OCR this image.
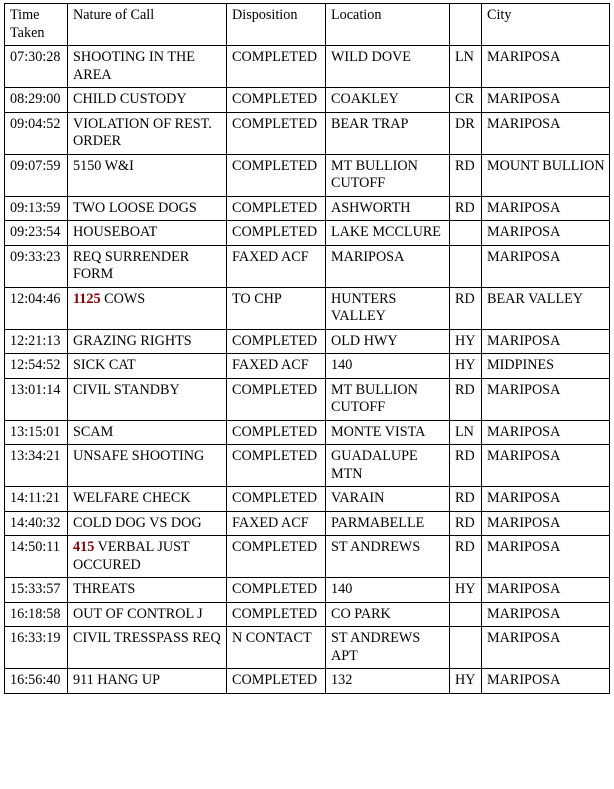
Time Taken	Nature of Call	Disposition	Location		City
07:30:28	SHOOTING IN THE AREA	COMPLETED	WILD DOVE	LN	MARIPOSA
08:29:00	CHILD CUSTODY	COMPLETED	COAKLEY	CR	MARIPOSA
09:04:52	VIOLATION OF REST. ORDER	COMPLETED	BEAR TRAP	DR	MARIPOSA
09:07:59	5150 W&I	COMPLETED	MT BULLION CUTOFF	RD	MOUNT BULLION
09:13:59	TWO LOOSE DOGS	COMPLETED	ASHWORTH	RD	MARIPOSA
09:23:54	HOUSEBOAT	COMPLETED	LAKE MCCLURE		MARIPOSA
09:33:23	REQ SURRENDER FORM	FAXED ACF	MARIPOSA		MARIPOSA
12:04:46	1125 COWS	TO CHP	HUNTERS VALLEY	RD	BEAR VALLEY
12:21:13	GRAZING RIGHTS	COMPLETED	OLD HWY	HY	MARIPOSA
12:54:52	SICK CAT	FAXED ACF	140	HY	MIDPINES
13:01:14	CIVIL STANDBY	COMPLETED	MT BULLION CUTOFF	RD	MARIPOSA
13:15:01	SCAM	COMPLETED	MONTE VISTA	LN	MARIPOSA
13:34:21	UNSAFE SHOOTING	COMPLETED	GUADALUPE MTN	RD	MARIPOSA
14:11:21	WELFARE CHECK	COMPLETED	VARAIN	RD	MARIPOSA
14:40:32	COLD DOG VS DOG	FAXED ACF	PARMABELLE	RD	MARIPOSA
14:50:11	415 VERBAL JUST OCCURED	COMPLETED	ST ANDREWS	RD	MARIPOSA
15:33:57	THREATS	COMPLETED	140	HY	MARIPOSA
16:18:58	OUT OF CONTROL J	COMPLETED	CO PARK		MARIPOSA
16:33:19	CIVIL TRESSPASS REQ	N CONTACT	ST ANDREWS APT		MARIPOSA
16:56:40	911 HANG UP	COMPLETED	132	HY	MARIPOSA
